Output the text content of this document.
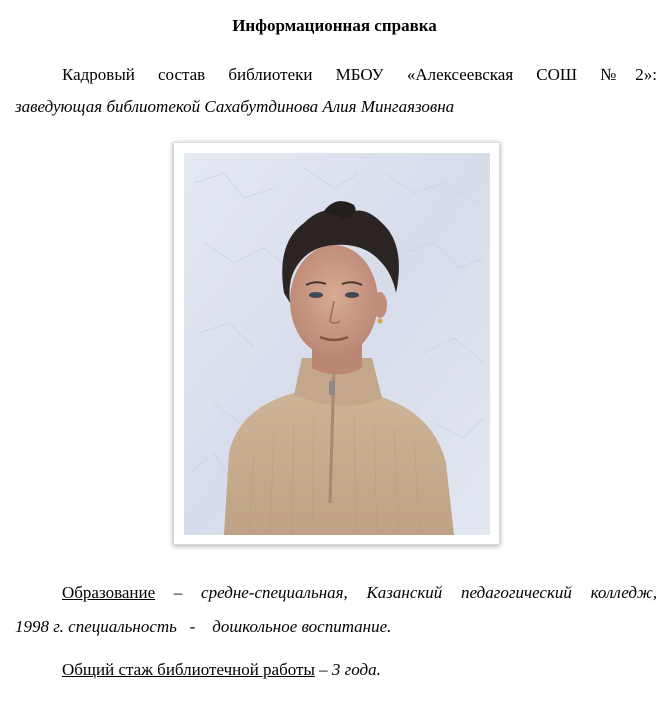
Информационная справка
Кадровый состав библиотеки МБОУ «Алексеевская СОШ №2»:
заведующая библиотекой Сахабутдинова Алия Мингаязовна
Образование – средне-специальная, Казанский педагогический колледж,
1998 г. специальность   -    дошкольное воспитание.
Общий стаж библиотечной работы – 3 года.
